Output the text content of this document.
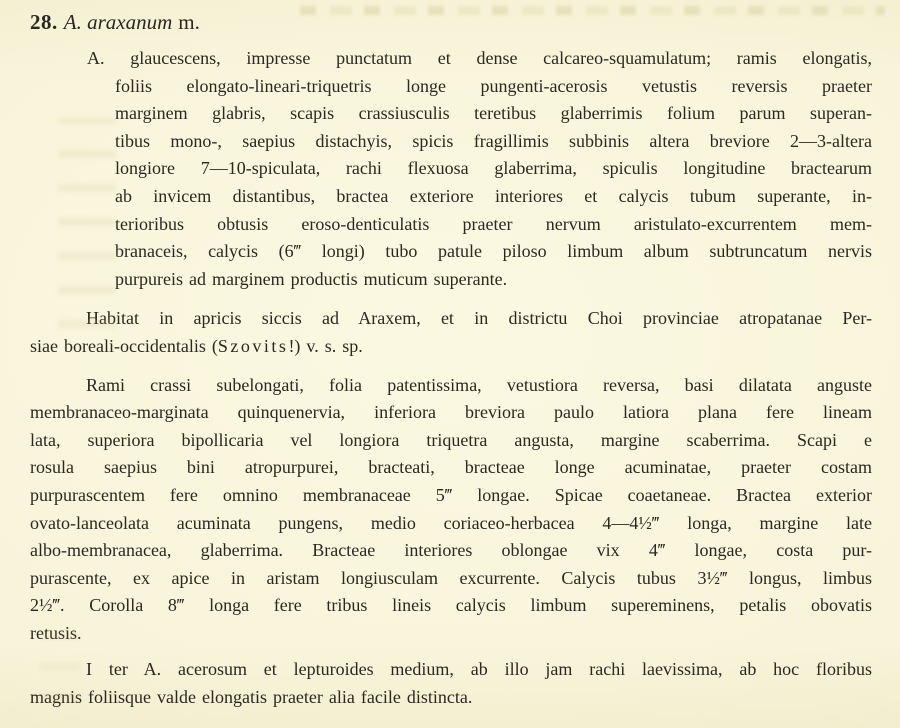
28. A. araxanum m.
A. glaucescens, impresse punctatum et dense calcareo-squamulatum; ramis elongatis,
foliis elongato-lineari-triquetris longe pungenti-acerosis vetustis reversis praeter
marginem glabris, scapis crassiusculis teretibus glaberrimis folium parum superan-
tibus mono-, saepius distachyis, spicis fragillimis subbinis altera breviore 2—3-altera
longiore 7—10-spiculata, rachi flexuosa glaberrima, spiculis longitudine bractearum
ab invicem distantibus, bractea exteriore interiores et calycis tubum superante, in-
terioribus obtusis eroso-denticulatis praeter nervum aristulato-excurrentem mem-
branaceis, calycis (6‴ longi) tubo patule piloso limbum album subtruncatum nervis
purpureis ad marginem productis muticum superante.
Habitat in apricis siccis ad Araxem, et in districtu Choi provinciae atropatanae Per-
siae boreali-occidentalis (Szovits!) v. s. sp.
Rami crassi subelongati, folia patentissima, vetustiora reversa, basi dilatata anguste
membranaceo-marginata quinquenervia, inferiora breviora paulo latiora plana fere lineam
lata, superiora bipollicaria vel longiora triquetra angusta, margine scaberrima. Scapi e
rosula saepius bini atropurpurei, bracteati, bracteae longe acuminatae, praeter costam
purpurascentem fere omnino membranaceae 5‴ longae. Spicae coaetaneae. Bractea exterior
ovato-lanceolata acuminata pungens, medio coriaceo-herbacea 4—4½‴ longa, margine late
albo-membranacea, glaberrima. Bracteae interiores oblongae vix 4‴ longae, costa pur-
purascente, ex apice in aristam longiusculam excurrente. Calycis tubus 3½‴ longus, limbus
2½‴. Corolla 8‴ longa fere tribus lineis calycis limbum supereminens, petalis obovatis
retusis.
I ter A. acerosum et lepturoides medium, ab illo jam rachi laevissima, ab hoc floribus
magnis foliisque valde elongatis praeter alia facile distincta.
